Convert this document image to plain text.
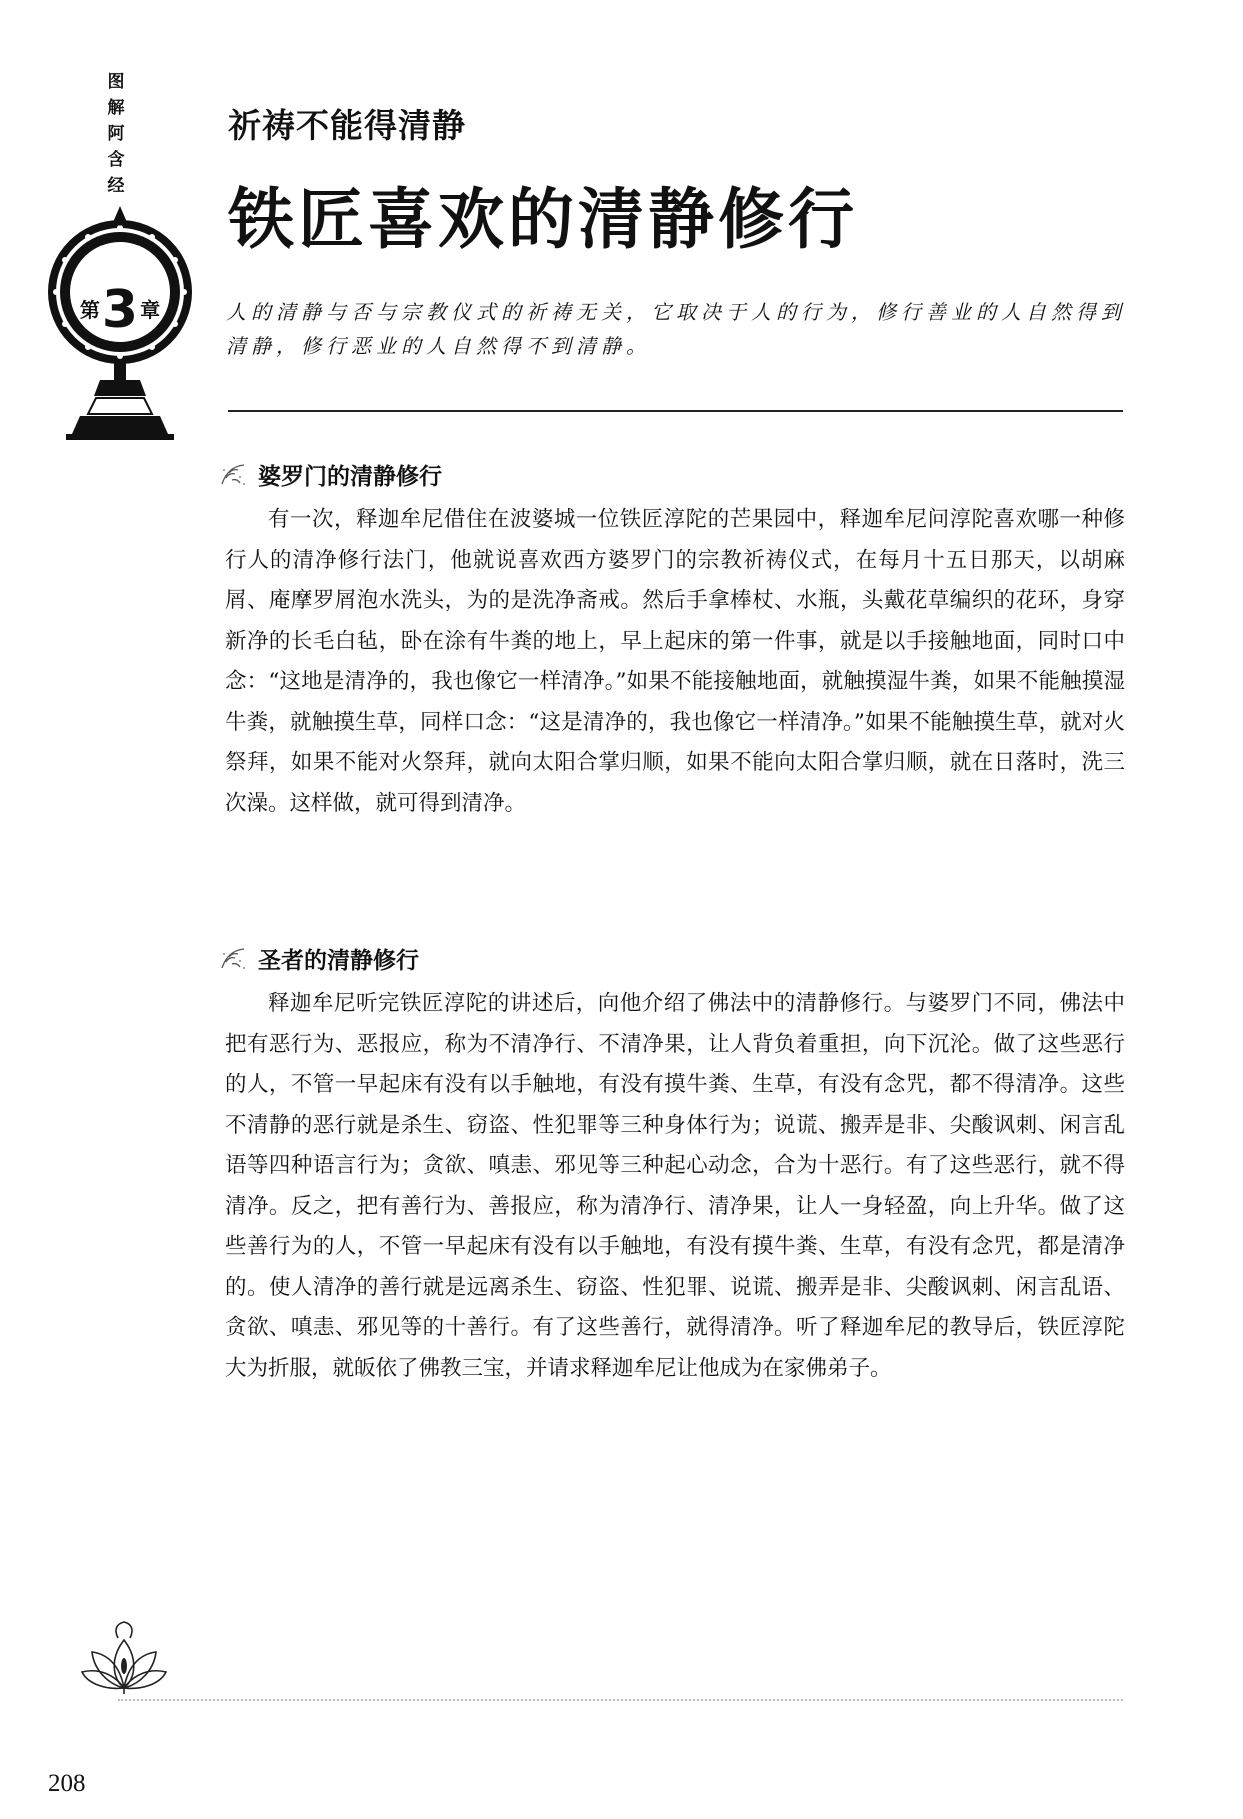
图
解
阿
含
经
第3 章
祈祷不能得清静
铁匠喜欢的清静修行
人的清静与否与宗教仪式的祈祷无关，它取决于人的行为，修行善业的人自然得到清静，修行恶业的人自然得不到清静。
婆罗门的清静修行

有一次，释迦牟尼借住在波婆城一位铁匠淳陀的芒果园中，释迦牟尼问淳陀喜欢哪一种修行人的清净修行法门，他就说喜欢西方婆罗门的宗教祈祷仪式，在每月十五日那天，以胡麻屑、庵摩罗屑泡水洗头，为的是洗净斋戒。然后手拿棒杖、水瓶，头戴花草编织的花环，身穿新净的长毛白毡，卧在涂有牛粪的地上，早上起床的第一件事，就是以手接触地面，同时口中念：“这地是清净的，我也像它一样清净。”如果不能接触地面，就触摸湿牛粪，如果不能触摸湿牛粪，就触摸生草，同样口念：“这是清净的，我也像它一样清净。”如果不能触摸生草，就对火祭拜，如果不能对火祭拜，就向太阳合掌归顺，如果不能向太阳合掌归顺，就在日落时，洗三次澡。这样做，就可得到清净。

圣者的清静修行

释迦牟尼听完铁匠淳陀的讲述后，向他介绍了佛法中的清静修行。与婆罗门不同，佛法中把有恶行为、恶报应，称为不清净行、不清净果，让人背负着重担，向下沉沦。做了这些恶行的人，不管一早起床有没有以手触地，有没有摸牛粪、生草，有没有念咒，都不得清净。这些不清静的恶行就是杀生、窃盗、性犯罪等三种身体行为；说谎、搬弄是非、尖酸讽刺、闲言乱语等四种语言行为；贪欲、嗔恚、邪见等三种起心动念，合为十恶行。有了这些恶行，就不得清净。反之，把有善行为、善报应，称为清净行、清净果，让人一身轻盈，向上升华。做了这些善行为的人，不管一早起床有没有以手触地，有没有摸牛粪、生草，有没有念咒，都是清净的。使人清净的善行就是远离杀生、窃盗、性犯罪、说谎、搬弄是非、尖酸讽刺、闲言乱语、贪欲、嗔恚、邪见等的十善行。有了这些善行，就得清净。听了释迦牟尼的教导后，铁匠淳陀大为折服，就皈依了佛教三宝，并请求释迦牟尼让他成为在家佛弟子。

208
